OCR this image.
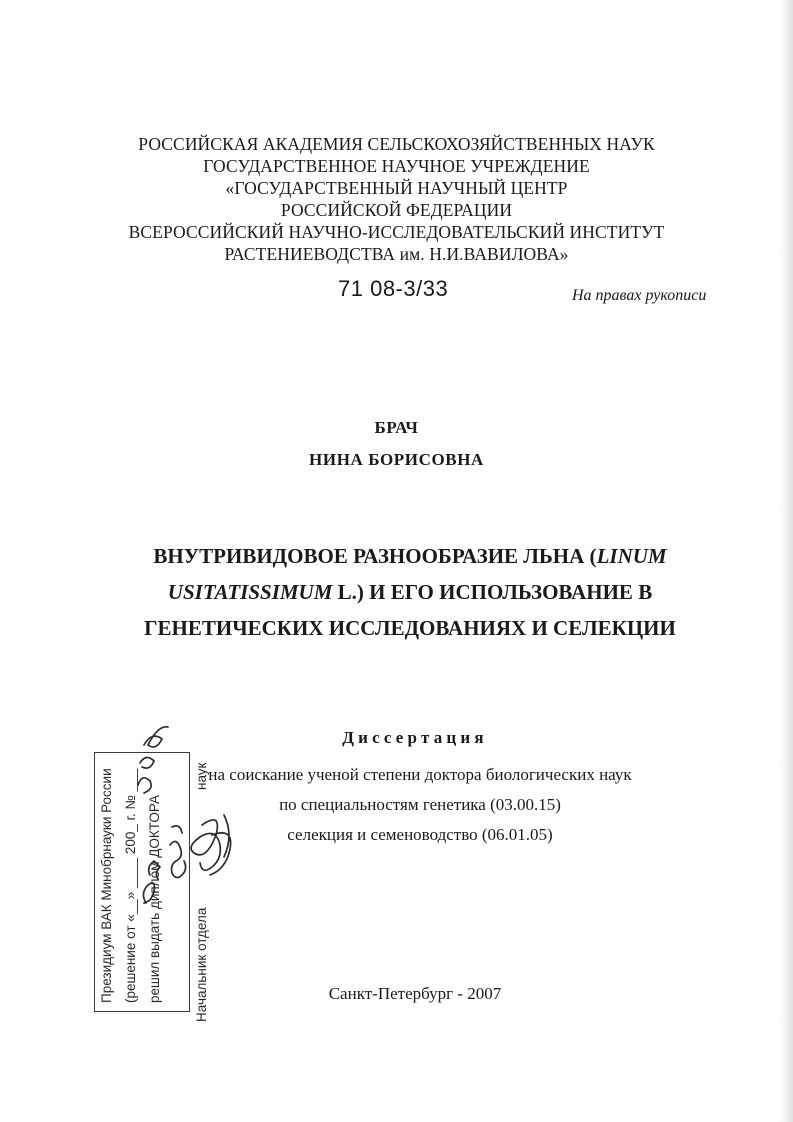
РОССИЙСКАЯ АКАДЕМИЯ СЕЛЬСКОХОЗЯЙСТВЕННЫХ НАУК
ГОСУДАРСТВЕННОЕ НАУЧНОЕ УЧРЕЖДЕНИЕ
«ГОСУДАРСТВЕННЫЙ НАУЧНЫЙ ЦЕНТР
РОССИЙСКОЙ ФЕДЕРАЦИИ
ВСЕРОССИЙСКИЙ НАУЧНО-ИССЛЕДОВАТЕЛЬСКИЙ ИНСТИТУТ
РАСТЕНИЕВОДСТВА им. Н.И.ВАВИЛОВА»
71 08-3/33	На правах рукописи
БРАЧ
НИНА БОРИСОВНА
ВНУТРИВИДОВОЕ РАЗНООБРАЗИЕ ЛЬНА (LINUM
USITATISSIMUM L.) И ЕГО ИСПОЛЬЗОВАНИЕ В
ГЕНЕТИЧЕСКИХ ИССЛЕДОВАНИЯХ И СЕЛЕКЦИИ
Диссертация
на соискание ученой степени доктора биологических наук
по специальностям генетика (03.00.15)
селекция и семеноводство (06.01.05)
Санкт-Петербург - 2007
Президиум ВАК Минобрнауки России (решение от «__» ____ 200_ г. № ___ решил выдать диплом ДОКТОРА Начальник отдела
наук
